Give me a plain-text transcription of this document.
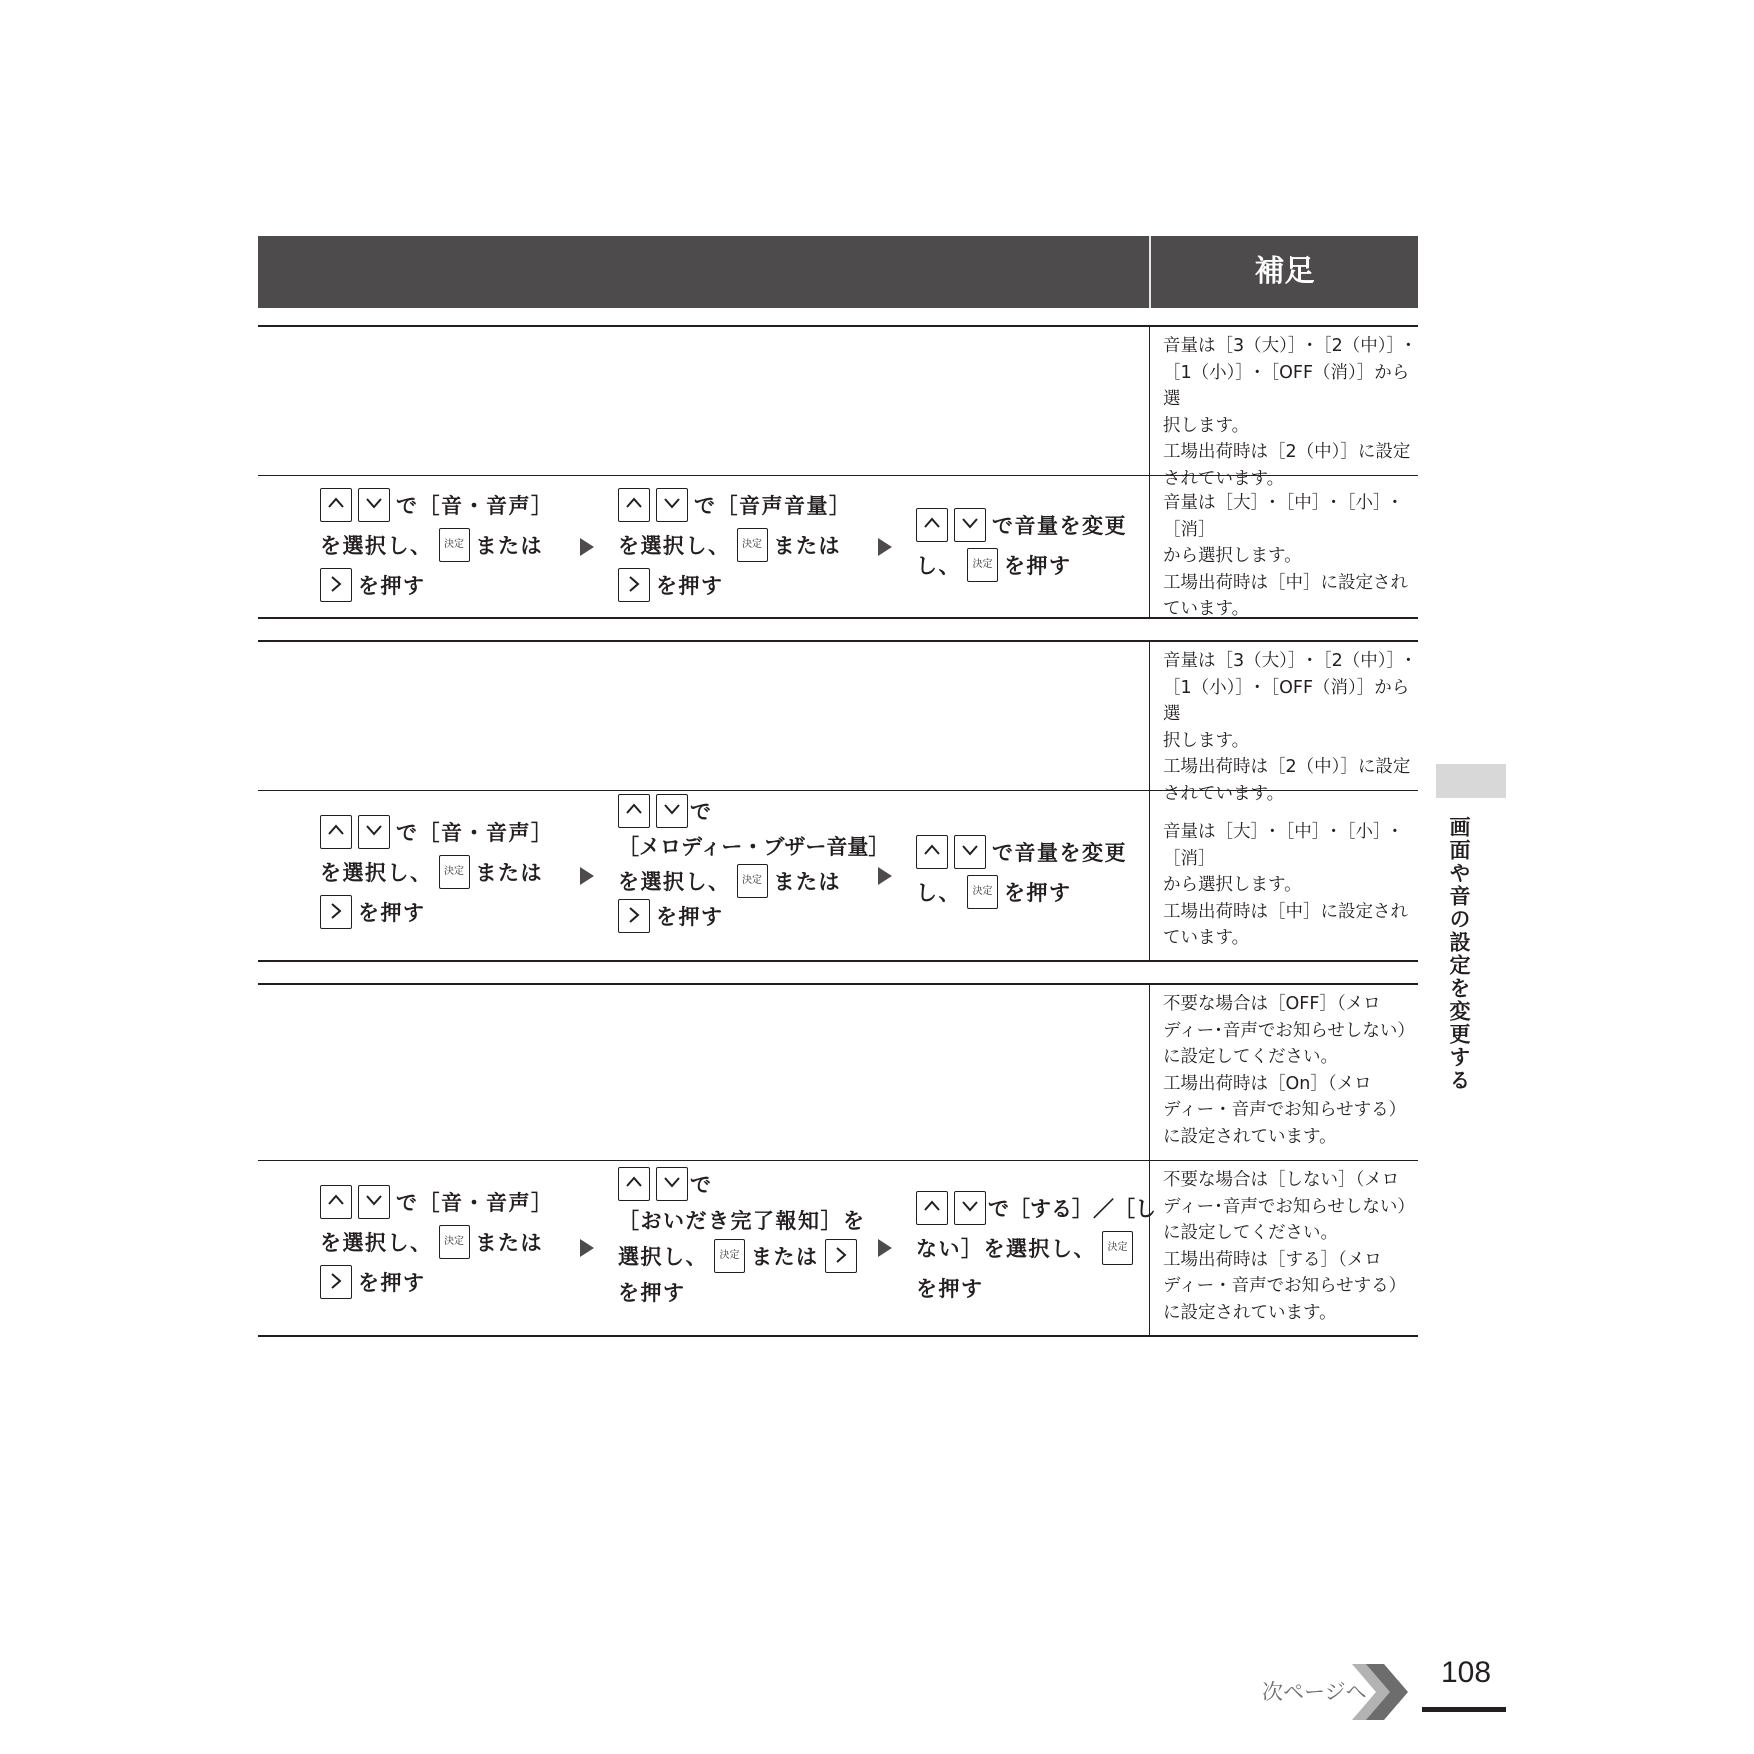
補足

音量は［3（大）］･［2（中）］･

［1（小）］･［OFF（消）］から選

択します。

工場出荷時は［2（中）］に設定

されています。

で［音・音声］
を選択し、 決定 または
を押す
で［音声音量］
を選択し、 決定 または
を押す
で音量を変更
し、 決定 を押す

音量は［大］･［中］･［小］･［消］

から選択します。

工場出荷時は［中］に設定され

ています。

音量は［3（大）］･［2（中）］･

［1（小）］･［OFF（消）］から選

択します。

工場出荷時は［2（中）］に設定

されています。

で［音・音声］
を選択し、 決定 または
を押す
で
［メロディー・ブザー音量］
を選択し、 決定 または
を押す
で音量を変更
し、 決定 を押す

音量は［大］･［中］･［小］･［消］

から選択します。

工場出荷時は［中］に設定され

ています。

不要な場合は［OFF］（メロ

ディー･音声でお知らせしない）

に設定してください。

工場出荷時は［On］（メロ

ディー・音声でお知らせする）

に設定されています。

で［音・音声］
を選択し、 決定 または
を押す
で
［おいだき完了報知］を
選択し、 決定 または
を押す
で［する］／［し
ない］を選択し、 決定
を押す

不要な場合は［しない］（メロ

ディー･音声でお知らせしない）

に設定してください。

工場出荷時は［する］（メロ

ディー・音声でお知らせする）

に設定されています。

画面や音の設定を変更する
次ページへ
108
